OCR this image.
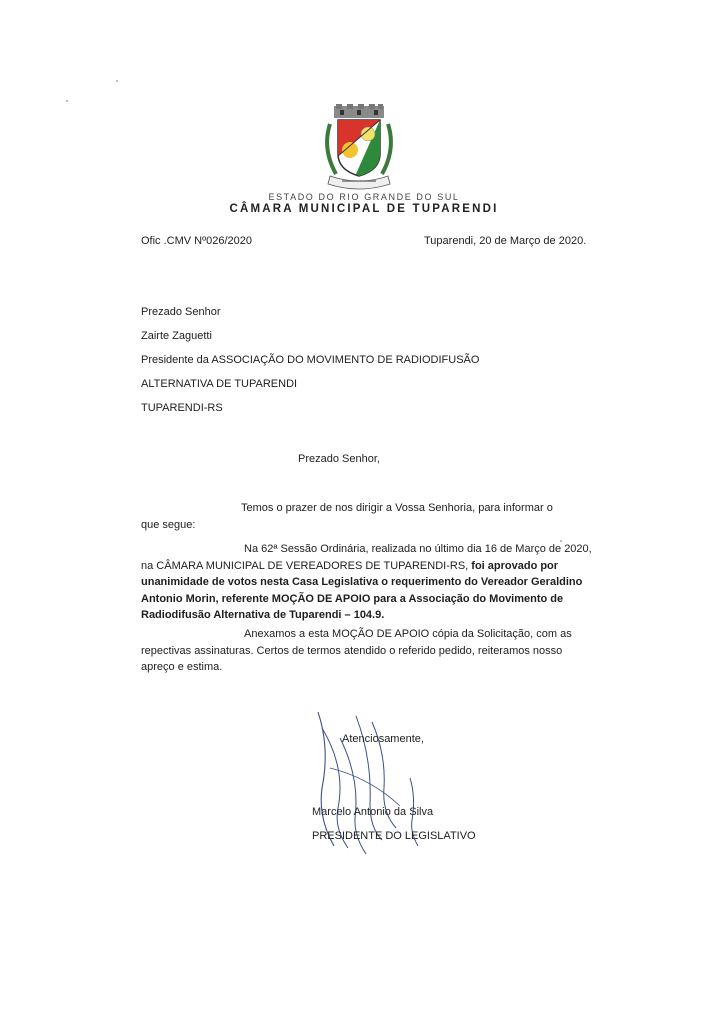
ESTADO DO RIO GRANDE DO SUL
CÂMARA MUNICIPAL DE TUPARENDI
Ofic .CMV Nº026/2020	Tuparendi, 20 de Março de 2020.
Prezado Senhor
Zairte Zaguetti
Presidente da ASSOCIAÇÃO DO MOVIMENTO DE RADIODIFUSÃO
ALTERNATIVA DE TUPARENDI
TUPARENDI-RS
Prezado Senhor,
Temos o prazer de nos dirigir a Vossa Senhoria, para informar o que segue:
Na 62ª Sessão Ordinária, realizada no último dia 16 de Março de 2020, na CÂMARA MUNICIPAL DE VEREADORES DE TUPARENDI-RS, foi aprovado por unanimidade de votos nesta Casa Legislativa o requerimento do Vereador Geraldino Antonio Morin, referente MOÇÃO DE APOIO para a Associação do Movimento de Radiodifusão Alternativa de Tuparendi – 104.9.
Anexamos a esta MOÇÃO DE APOIO cópia da Solicitação, com as repectivas assinaturas. Certos de termos atendido o referido pedido, reiteramos nosso apreço e estima.
Atenciosamente,
Marcelo Antonio da Silva
PRESIDENTE DO LEGISLATIVO
